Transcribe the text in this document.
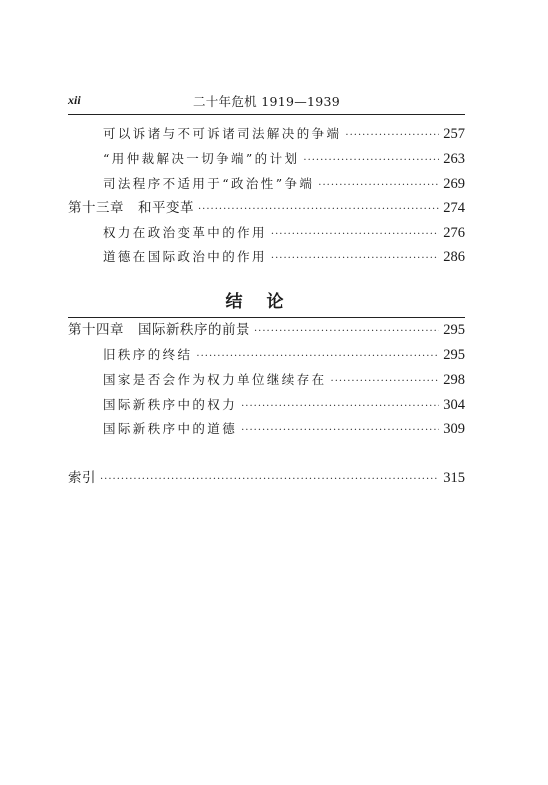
xii	二十年危机 1919—1939
可以诉诸与不可诉诸司法解决的争端 ·····	257
“用仲裁解决一切争端”的计划 ·····	263
司法程序不适用于“政治性”争端 ·····	269
第十三章 和平变革 ·····	274
权力在政治变革中的作用 ·····	276
道德在国际政治中的作用 ·····	286
结论
第十四章 国际新秩序的前景 ·····	295
旧秩序的终结 ·····	295
国家是否会作为权力单位继续存在 ·····	298
国际新秩序中的权力 ·····	304
国际新秩序中的道德 ·····	309
索引 ·····	315
